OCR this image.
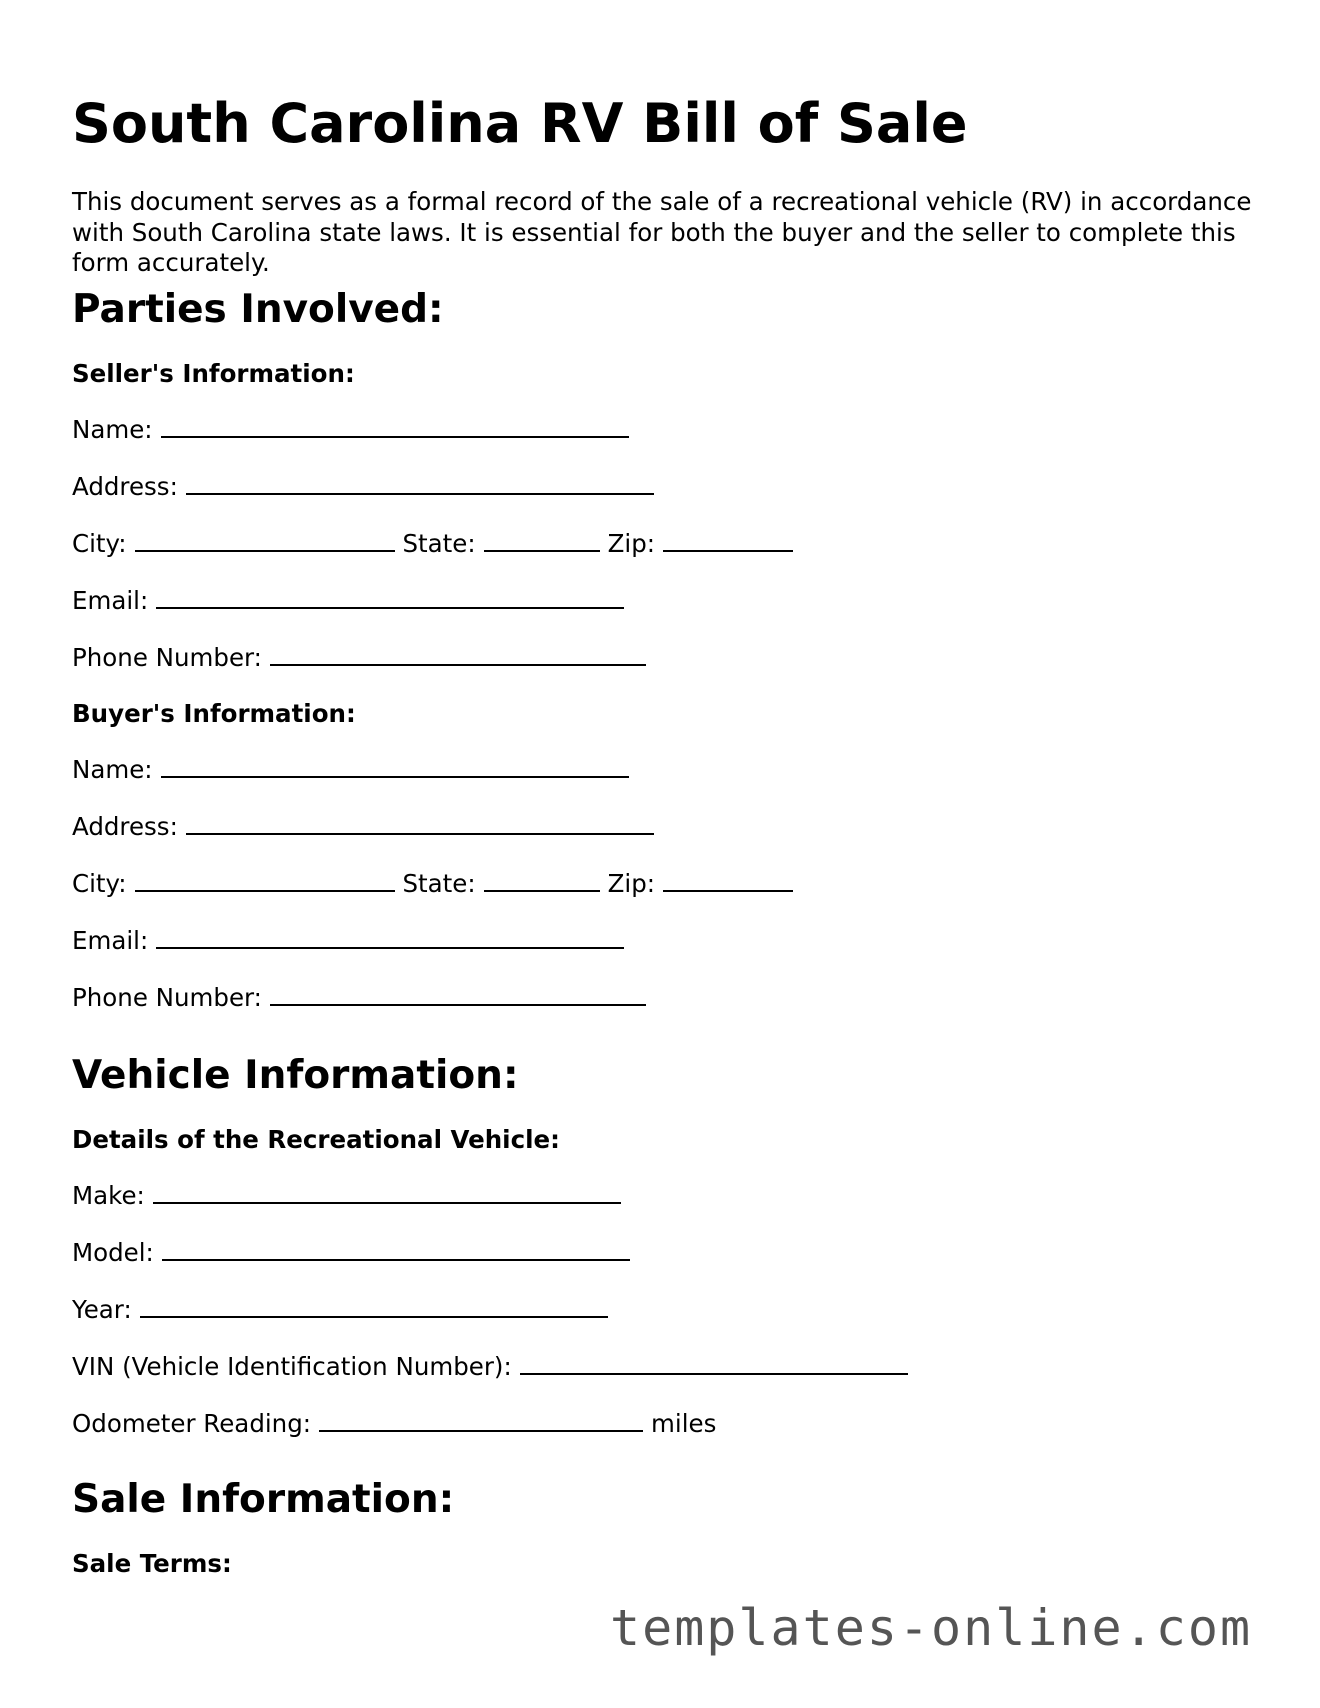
South Carolina RV Bill of Sale

This document serves as a formal record of the sale of a recreational vehicle (RV) in accordance with South Carolina state laws. It is essential for both the buyer and the seller to complete this form accurately.

Parties Involved:
Seller's Information:
Name:
Address:
City:	State:	Zip:
Email:
Phone Number:
Buyer's Information:
Name:
Address:
City:	State:	Zip:
Email:
Phone Number:
Vehicle Information:
Details of the Recreational Vehicle:
Make:
Model:
Year:
VIN (Vehicle Identification Number):
Odometer Reading:	miles
Sale Information:
Sale Terms:
templates-online.com
